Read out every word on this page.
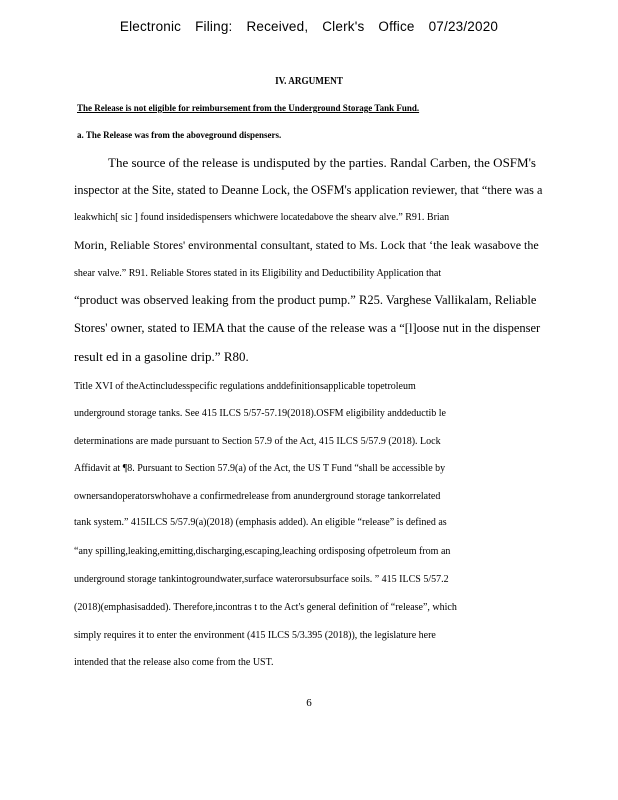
Electronic Filing: Received, Clerk's Office 07/23/2020
IV. ARGUMENT
The Release is not eligible for reimbursement from the Underground Storage Tank Fund.
a. The Release was from the aboveground dispensers.
The source of the release is undisputed by the parties. Randal Carben, the OSFM's
inspector at the Site, stated to Deanne Lock, the OSFM's application reviewer, that “there was a
leakwhich[ sic ] found insidedispensers whichwere locatedabove the shearv alve.” R91. Brian
Morin, Reliable Stores' environmental consultant, stated to Ms. Lock that ‘the leak wasabove the
shear valve.” R91. Reliable Stores stated in its Eligibility and Deductibility Application that
“product was observed leaking from the product pump.” R25. Varghese Vallikalam, Reliable
Stores' owner, stated to IEMA that the cause of the release was a “[l]oose nut in the dispenser
result ed in a gasoline drip.” R80.
Title XVI of theActincludesspecific regulations anddefinitionsapplicable topetroleum
underground storage tanks. See 415 ILCS 5/57-57.19(2018).OSFM eligibility anddeductib le
determinations are made pursuant to Section 57.9 of the Act, 415 ILCS 5/57.9 (2018). Lock
Affidavit at ¶8. Pursuant to Section 57.9(a) of the Act, the US T Fund “shall be accessible by
ownersandoperatorswhohave a confirmedrelease from anunderground storage tankorrelated
tank system.” 415ILCS 5/57.9(a)(2018) (emphasis added). An eligible “release” is defined as
“any spilling,leaking,emitting,discharging,escaping,leaching ordisposing ofpetroleum from an
underground storage tankintogroundwater,surface waterorsubsurface soils. ” 415 ILCS 5/57.2
(2018)(emphasisadded). Therefore,incontras t to the Act's general definition of “release”, which
simply requires it to enter the environment (415 ILCS 5/3.395 (2018)), the legislature here
intended that the release also come from the UST.
6
